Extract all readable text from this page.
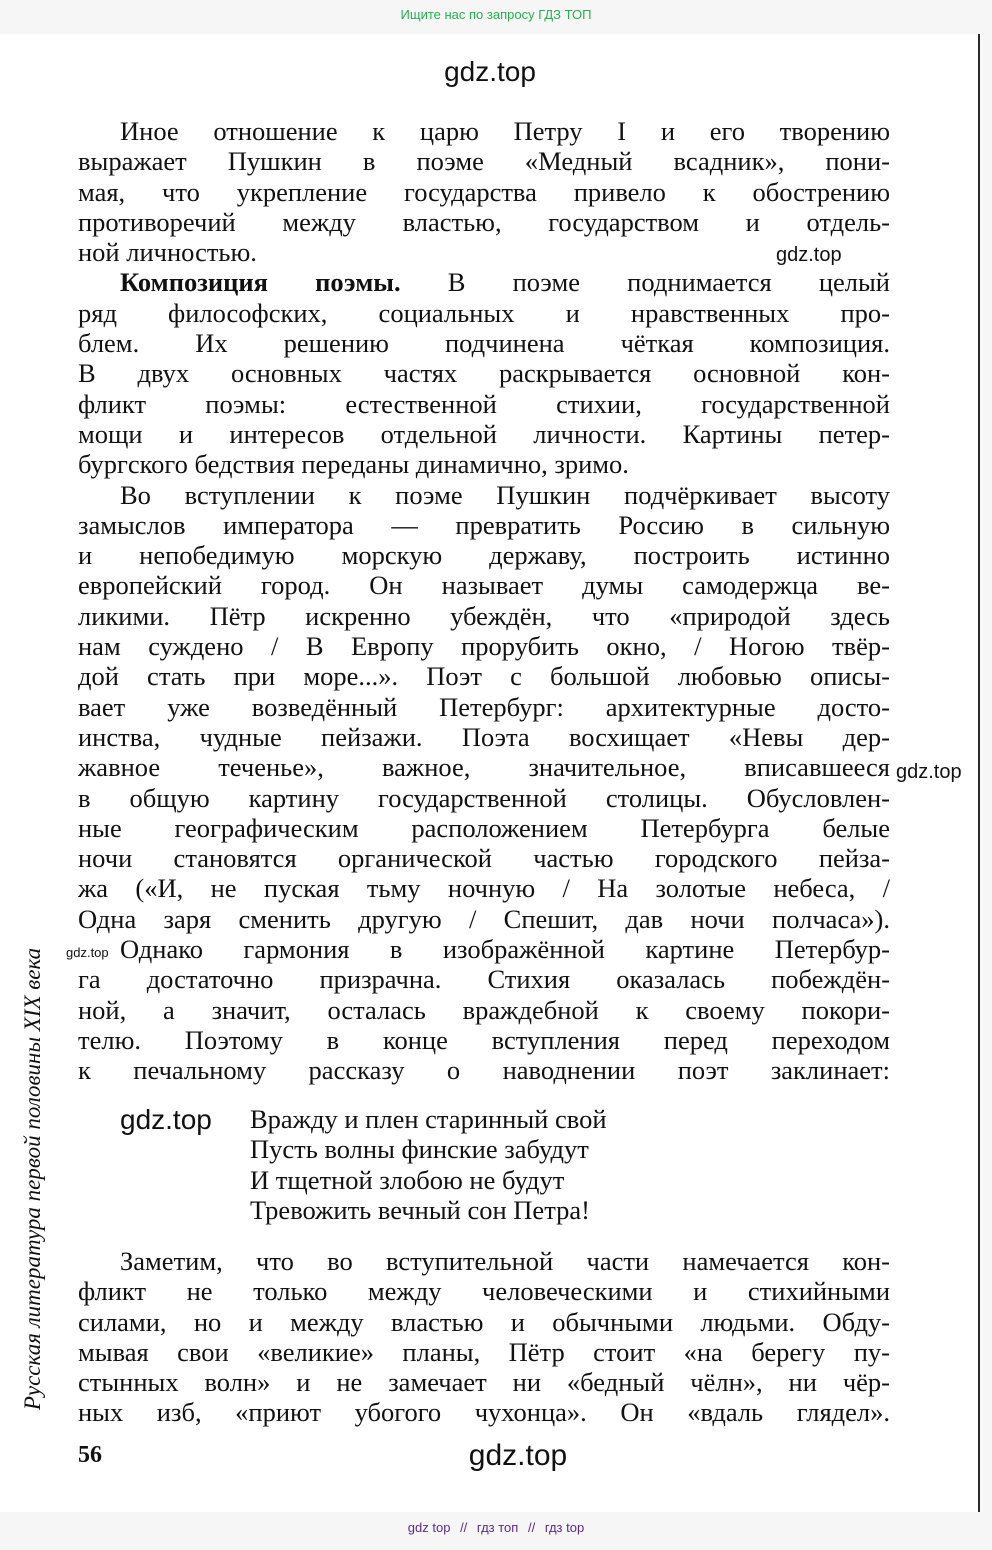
Ищите нас по запросу ГДЗ ТОП
gdz.top
gdz.top
gdz.top
gdz.top
gdz.top
gdz.top
Иное отношение к царю Петру I и его творению
выражает Пушкин в поэме «Медный всадник», пони-
мая, что укрепление государства привело к обострению
противоречий между властью, государством и отдель-
ной личностью.
Композиция поэмы. В поэме поднимается целый
ряд философских, социальных и нравственных про-
блем. Их решению подчинена чёткая композиция.
В двух основных частях раскрывается основной кон-
фликт поэмы: естественной стихии, государственной
мощи и интересов отдельной личности. Картины петер-
бургского бедствия переданы динамично, зримо.
Во вступлении к поэме Пушкин подчёркивает высоту
замыслов императора — превратить Россию в сильную
и непобедимую морскую державу, построить истинно
европейский город. Он называет думы самодержца ве-
ликими. Пётр искренно убеждён, что «природой здесь
нам суждено / В Европу прорубить окно, / Ногою твёр-
дой стать при море...». Поэт с большой любовью описы-
вает уже возведённый Петербург: архитектурные досто-
инства, чудные пейзажи. Поэта восхищает «Невы дер-
жавное теченье», важное, значительное, вписавшееся
в общую картину государственной столицы. Обусловлен-
ные географическим расположением Петербурга белые
ночи становятся органической частью городского пейза-
жа («И, не пуская тьму ночную / На золотые небеса, /
Одна заря сменить другую / Спешит, дав ночи полчаса»).
Однако гармония в изображённой картине Петербур-
га достаточно призрачна. Стихия оказалась побеждён-
ной, а значит, осталась враждебной к своему покори-
телю. Поэтому в конце вступления перед переходом
к печальному рассказу о наводнении поэт заклинает:
Вражду и плен старинный свой
Пусть волны финские забудут
И тщетной злобою не будут
Тревожить вечный сон Петра!
Заметим, что во вступительной части намечается кон-
фликт не только между человеческими и стихийными
силами, но и между властью и обычными людьми. Обду-
мывая свои «великие» планы, Пётр стоит «на берегу пу-
стынных волн» и не замечает ни «бедный чёлн», ни чёр-
ных изб, «приют убогого чухонца». Он «вдаль глядел».
Русская литература первой половины XIX века
56
gdz top // гдз топ // гдз top
